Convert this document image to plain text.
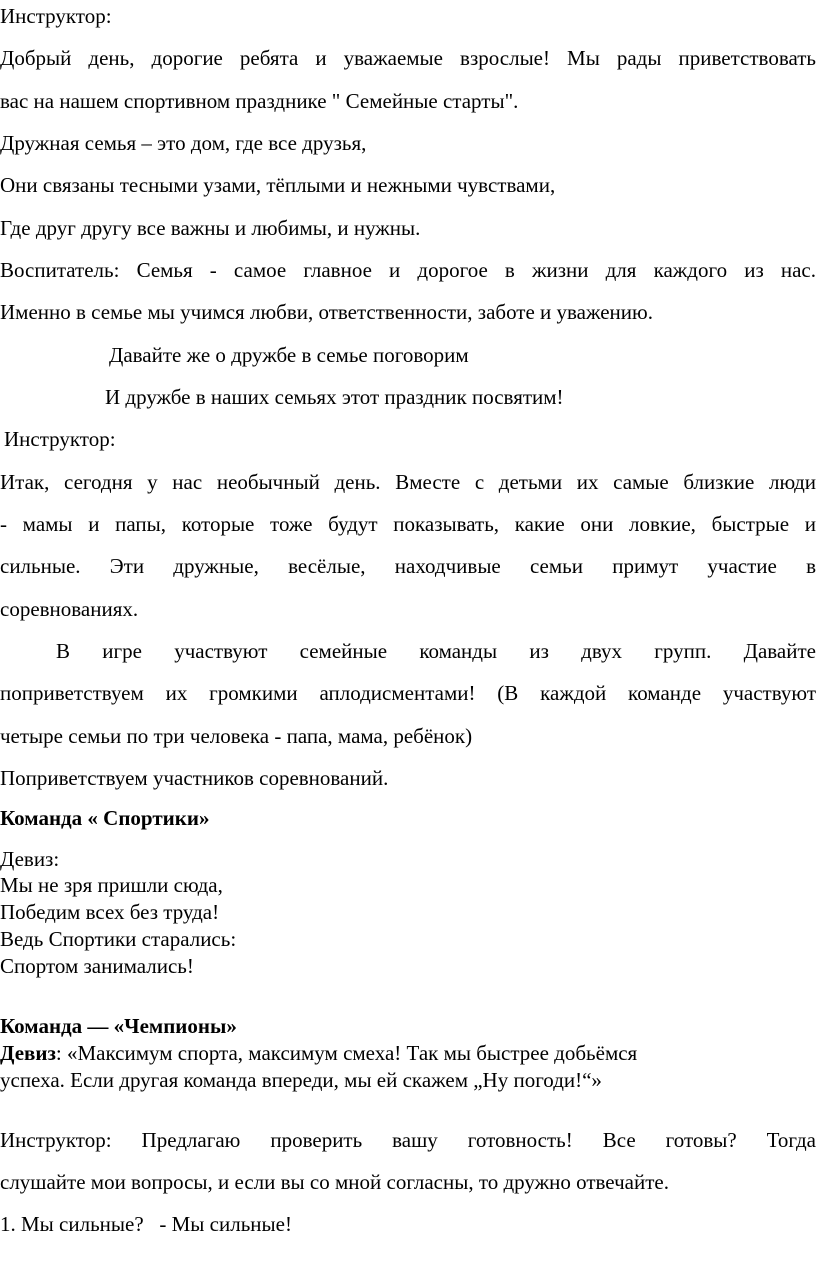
Инструктор:
Добрый день, дорогие ребята и уважаемые взрослые! Мы рады приветствовать
вас на нашем спортивном празднике " Семейные старты".
Дружная семья – это дом, где все друзья,
Они связаны тесными узами, тёплыми и нежными чувствами,
Где друг другу все важны и любимы, и нужны.
Воспитатель: Семья - самое главное и дорогое в жизни для каждого из нас.
Именно в семье мы учимся любви, ответственности, заботе и уважению.
Давайте же о дружбе в семье поговорим
И дружбе в наших семьях этот праздник посвятим!
Инструктор:
Итак, сегодня у нас необычный день. Вместе с детьми их самые близкие люди
- мамы и папы, которые тоже будут показывать, какие они ловкие, быстрые и
сильные. Эти дружные, весёлые, находчивые семьи примут участие в
соревнованиях.
В игре участвуют семейные команды из двух групп. Давайте
поприветствуем их громкими аплодисментами! (В каждой команде участвуют
четыре семьи по три человека - папа, мама, ребёнок)
Поприветствуем участников соревнований.
Команда « Спортики»
Девиз:
Мы не зря пришли сюда,
Победим всех без труда!
Ведь Спортики старались:
Спортом занимались!
Команда — «Чемпионы»
Девиз: «Максимум спорта, максимум смеха! Так мы быстрее добьёмся
успеха. Если другая команда впереди, мы ей скажем „Ну погоди!“»
Инструктор: Предлагаю проверить вашу готовность! Все готовы? Тогда
слушайте мои вопросы, и если вы со мной согласны, то дружно отвечайте.
1. Мы сильные?   - Мы сильные!
